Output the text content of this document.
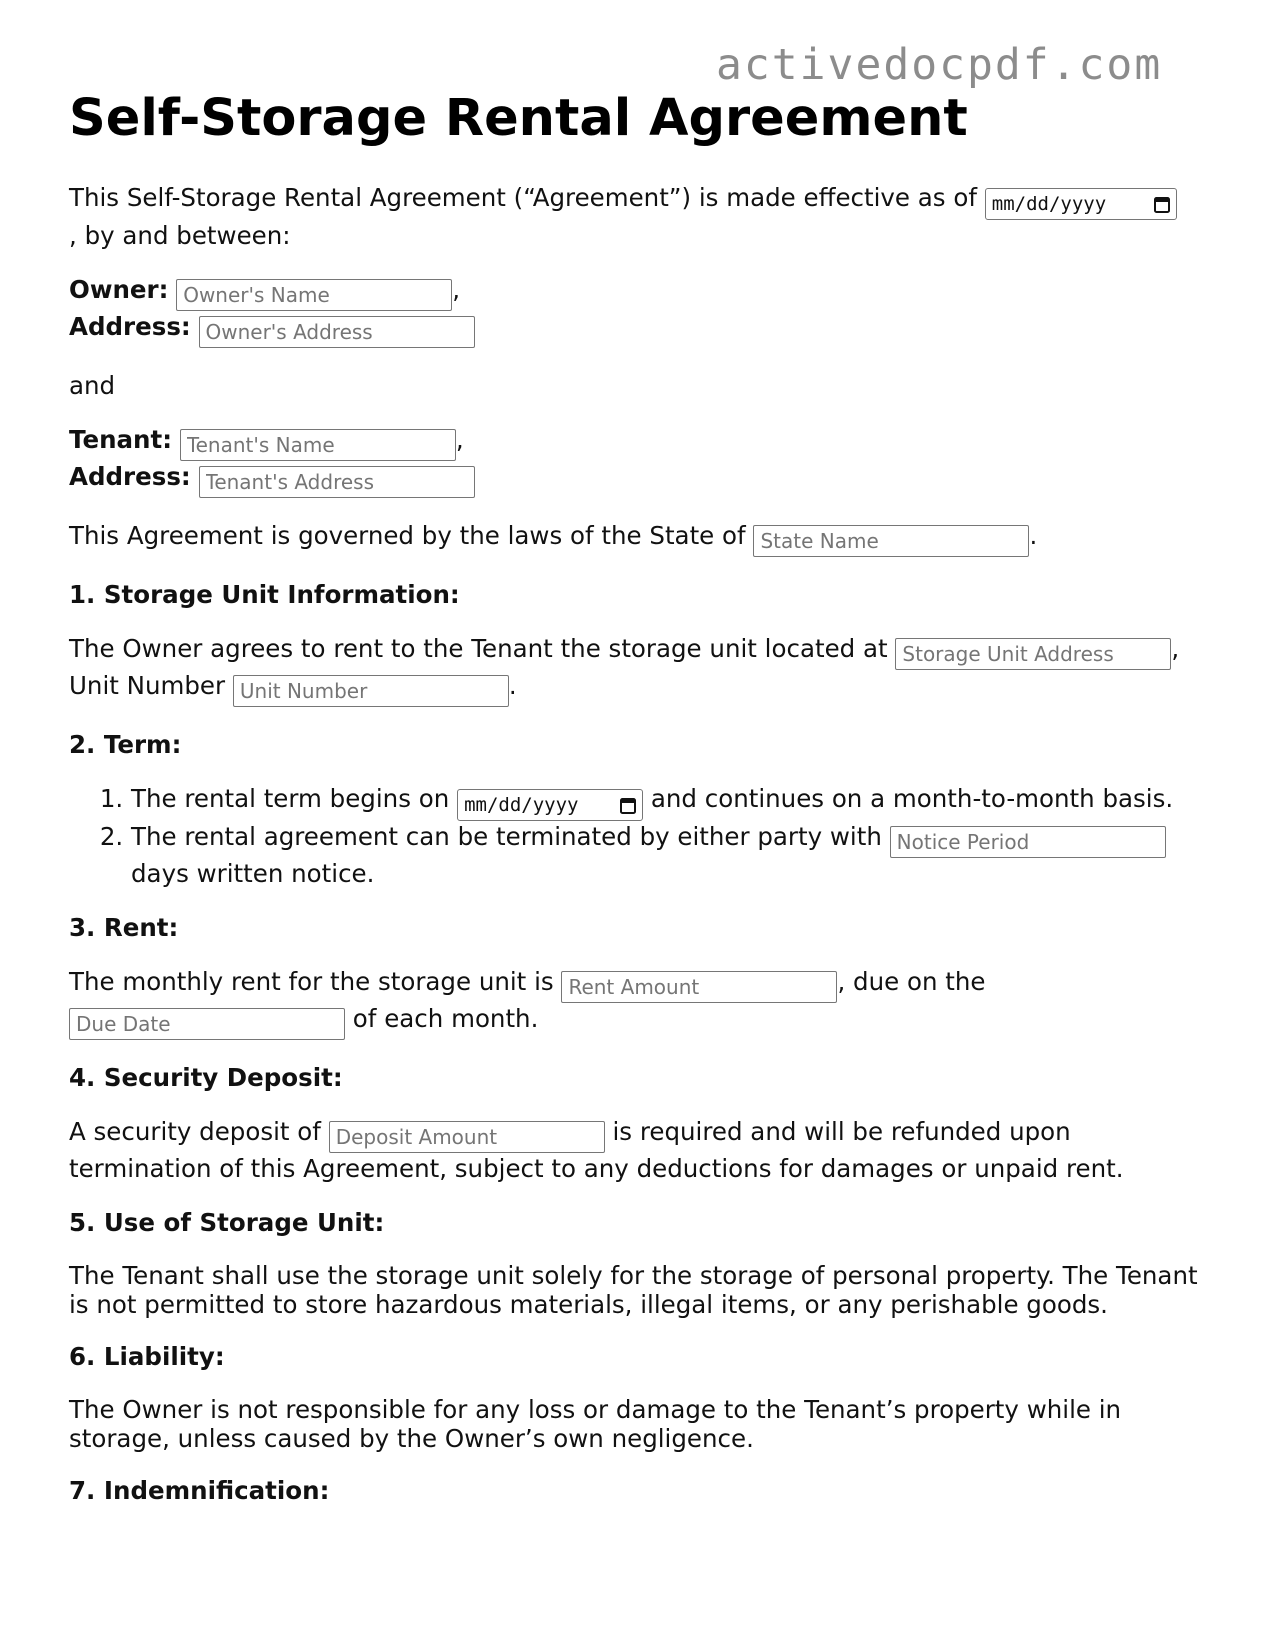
activedocpdf.com
Self-Storage Rental Agreement

This Self-Storage Rental Agreement (“Agreement”) is made effective as of mm/dd/yyyy

, by and between:

Owner: Owner's Name	,
Address: Owner's Address

and

Tenant: Tenant's Name	,
Address: Tenant's Address

This Agreement is governed by the laws of the State of State Name	.

1. Storage Unit Information:

The Owner agrees to rent to the Tenant the storage unit located at Storage Unit Address	,
Unit Number Unit Number	.

2. Term:
1. The rental term begins on mm/dd/yyyy	and continues on a month-to-month basis.
2. The rental agreement can be terminated by either party with Notice Period
days written notice.
3. Rent:

The monthly rent for the storage unit is Rent Amount	, due on the
Due Date of each month.

4. Security Deposit:

A security deposit of Deposit Amount	is required and will be refunded upon termination of this Agreement, subject to any deductions for damages or unpaid rent.

5. Use of Storage Unit:

The Tenant shall use the storage unit solely for the storage of personal property. The Tenant is not permitted to store hazardous materials, illegal items, or any perishable goods.

6. Liability:

The Owner is not responsible for any loss or damage to the Tenant’s property while in storage, unless caused by the Owner’s own negligence.

7. Indemnification:
